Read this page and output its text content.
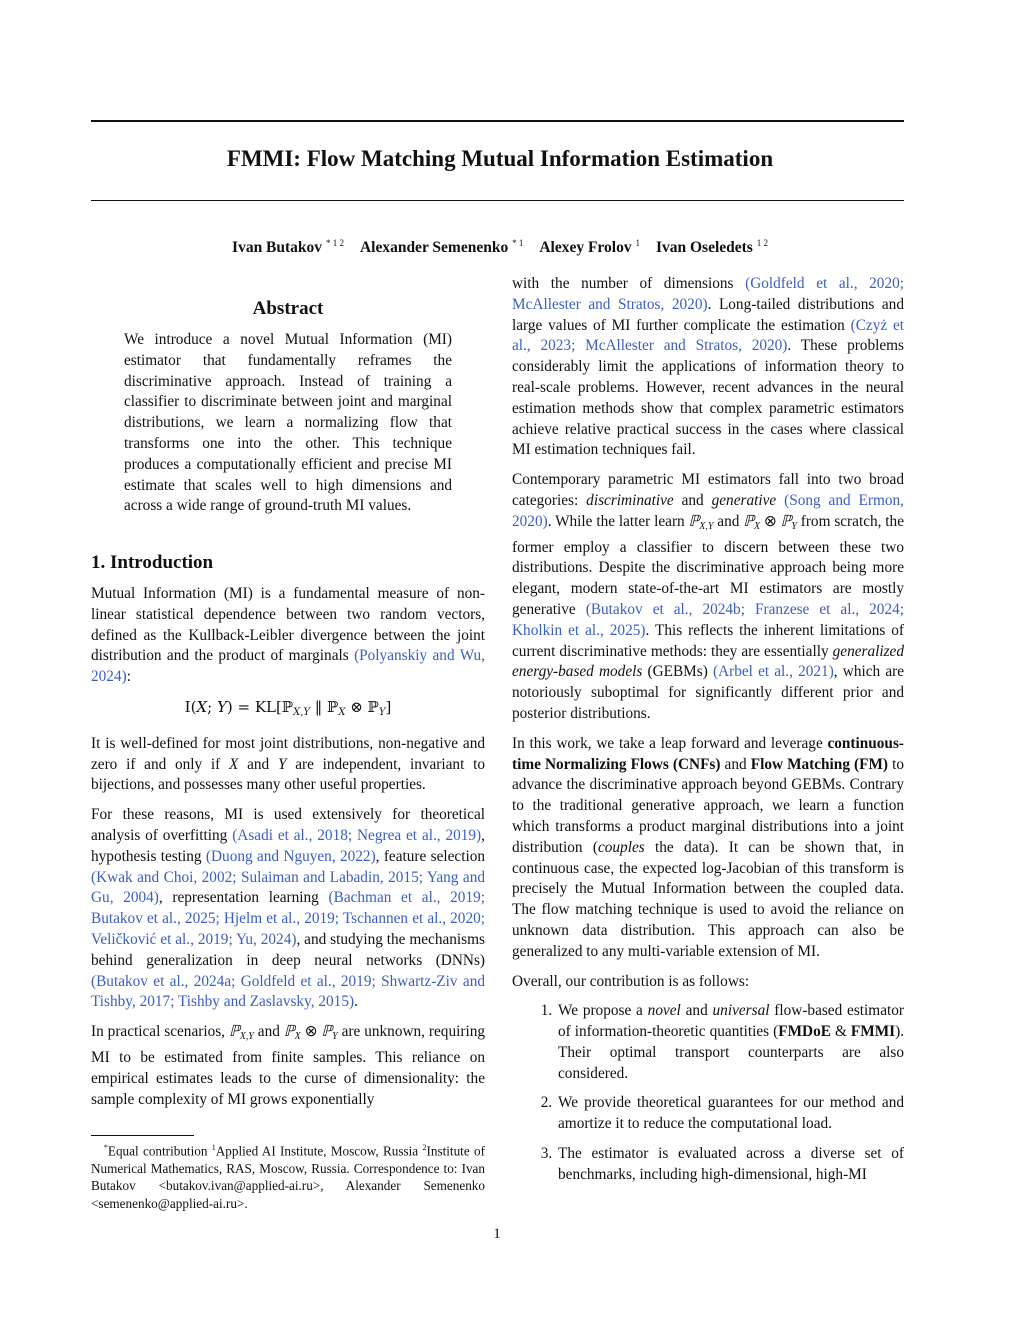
FMMI: Flow Matching Mutual Information Estimation
Ivan Butakov $^{* 1 2}$ Alexander Semenenko $^{* 1}$ Alexey Frolov $^1$ Ivan Oseledets $^{1 2}$
Abstract

We introduce a novel Mutual Information (MI) estimator that fundamentally reframes the discriminative approach. Instead of training a classifier to discriminate between joint and marginal distributions, we learn a normalizing flow that transforms one into the other. This technique produces a computationally efficient and precise MI estimate that scales well to high dimensions and across a wide range of ground-truth MI values.

1. Introduction

Mutual Information (MI) is a fundamental measure of non-linear statistical dependence between two random vectors, defined as the Kullback-Leibler divergence between the joint distribution and the product of marginals (Polyanskiy and Wu, 2024):

I(X; Y) = KL[ℙ$_{X,Y}$ ‖ ℙ$_X$ ⊗ ℙ$_Y$]

It is well-defined for most joint distributions, non-negative and zero if and only if X and Y are independent, invariant to bijections, and possesses many other useful properties.

For these reasons, MI is used extensively for theoretical analysis of overfitting (Asadi et al., 2018; Negrea et al., 2019), hypothesis testing (Duong and Nguyen, 2022), feature selection (Kwak and Choi, 2002; Sulaiman and Labadin, 2015; Yang and Gu, 2004), representation learning (Bachman et al., 2019; Butakov et al., 2025; Hjelm et al., 2019; Tschannen et al., 2020; Veličković et al., 2019; Yu, 2024), and studying the mechanisms behind generalization in deep neural networks (DNNs) (Butakov et al., 2024a; Goldfeld et al., 2019; Shwartz-Ziv and Tishby, 2017; Tishby and Zaslavsky, 2015).

In practical scenarios, ℙ$_{X,Y}$ and ℙ$_X$ ⊗ ℙ$_Y$ are unknown, requiring MI to be estimated from finite samples. This reliance on empirical estimates leads to the curse of dimensionality: the sample complexity of MI grows exponentially

with the number of dimensions (Goldfeld et al., 2020; McAllester and Stratos, 2020). Long-tailed distributions and large values of MI further complicate the estimation (Czyż et al., 2023; McAllester and Stratos, 2020). These problems considerably limit the applications of information theory to real-scale problems. However, recent advances in the neural estimation methods show that complex parametric estimators achieve relative practical success in the cases where classical MI estimation techniques fail.

Contemporary parametric MI estimators fall into two broad categories: discriminative and generative (Song and Ermon, 2020). While the latter learn ℙ$_{X,Y}$ and ℙ$_X$ ⊗ ℙ$_Y$ from scratch, the former employ a classifier to discern between these two distributions. Despite the discriminative approach being more elegant, modern state-of-the-art MI estimators are mostly generative (Butakov et al., 2024b; Franzese et al., 2024; Kholkin et al., 2025). This reflects the inherent limitations of current discriminative methods: they are essentially generalized energy-based models (GEBMs) (Arbel et al., 2021), which are notoriously suboptimal for significantly different prior and posterior distributions.

In this work, we take a leap forward and leverage continuous-time Normalizing Flows (CNFs) and Flow Matching (FM) to advance the discriminative approach beyond GEBMs. Contrary to the traditional generative approach, we learn a function which transforms a product marginal distributions into a joint distribution (couples the data). It can be shown that, in continuous case, the expected log-Jacobian of this transform is precisely the Mutual Information between the coupled data. The flow matching technique is used to avoid the reliance on unknown data distribution. This approach can also be generalized to any multi-variable extension of MI.

Overall, our contribution is as follows:

1. We propose a novel and universal flow-based estimator of information-theoretic quantities (FMDoE & FMMI). Their optimal transport counterparts are also considered.
2. We provide theoretical guarantees for our method and amortize it to reduce the computational load.
3. The estimator is evaluated across a diverse set of benchmarks, including high-dimensional, high-MI
*Equal contribution $^1$Applied AI Institute, Moscow, Russia $^2$Institute of Numerical Mathematics, RAS, Moscow, Russia. Correspondence to: Ivan Butakov <butakov.ivan@applied-ai.ru>, Alexander Semenenko <semenenko@applied-ai.ru>.
1
